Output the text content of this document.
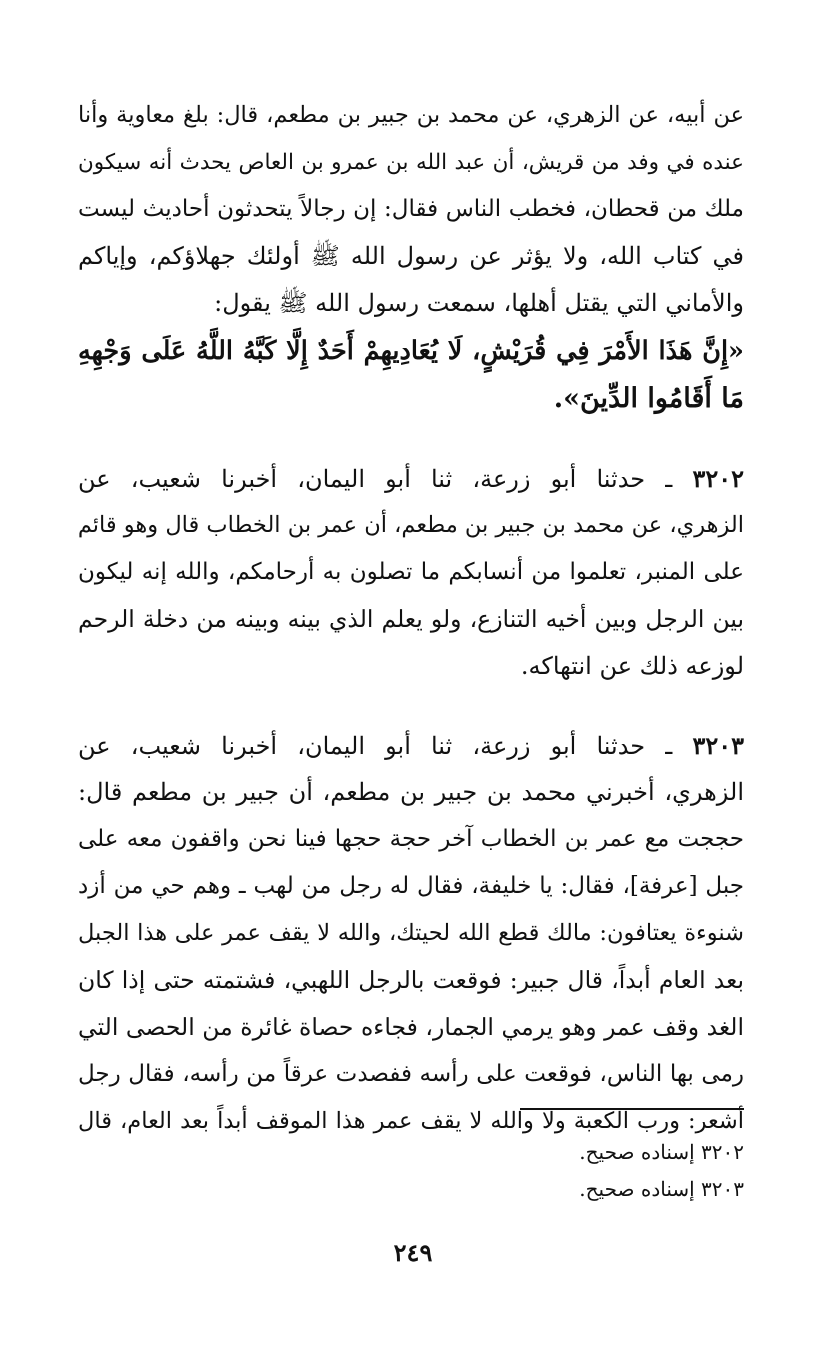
عن أبيه، عن الزهري، عن محمد بن جبير بن مطعم، قال: بلغ معاوية وأنا
عنده في وفد من قريش، أن عبد الله بن عمرو بن العاص يحدث أنه سيكون
ملك من قحطان، فخطب الناس فقال: إن رجالاً يتحدثون أحاديث ليست
في كتاب الله، ولا يؤثر عن رسول الله ﷺ أولئك جهلاؤكم، وإياكم
والأماني التي يقتل أهلها، سمعت رسول الله ﷺ يقول:
«إِنَّ هَذَا الأَمْرَ فِي قُرَيْشٍ، لَا يُعَادِيهِمْ أَحَدٌ إِلَّا كَبَّهُ اللَّهُ عَلَى وَجْهِهِ
مَا أَقَامُوا الدِّينَ».
٣٢٠٢ ـ حدثنا أبو زرعة، ثنا أبو اليمان، أخبرنا شعيب، عن
الزهري، عن محمد بن جبير بن مطعم، أن عمر بن الخطاب قال وهو قائم
على المنبر، تعلموا من أنسابكم ما تصلون به أرحامكم، والله إنه ليكون
بين الرجل وبين أخيه التنازع، ولو يعلم الذي بينه وبينه من دخلة الرحم
لوزعه ذلك عن انتهاكه.
٣٢٠٣ ـ حدثنا أبو زرعة، ثنا أبو اليمان، أخبرنا شعيب، عن
الزهري، أخبرني محمد بن جبير بن مطعم، أن جبير بن مطعم قال:
حججت مع عمر بن الخطاب آخر حجة حجها فينا نحن واقفون معه على
جبل [عرفة]، فقال: يا خليفة، فقال له رجل من لهب ـ وهم حي من أزد
شنوءة يعتافون: مالك قطع الله لحيتك، والله لا يقف عمر على هذا الجبل
بعد العام أبداً، قال جبير: فوقعت بالرجل اللهبي، فشتمته حتى إذا كان
الغد وقف عمر وهو يرمي الجمار، فجاءه حصاة غائرة من الحصى التي
رمى بها الناس، فوقعت على رأسه ففصدت عرقاً من رأسه، فقال رجل
أشعر: ورب الكعبة ولا والله لا يقف عمر هذا الموقف أبداً بعد العام، قال
٣٢٠٢ إسناده صحيح.
٣٢٠٣ إسناده صحيح.
٢٤٩
